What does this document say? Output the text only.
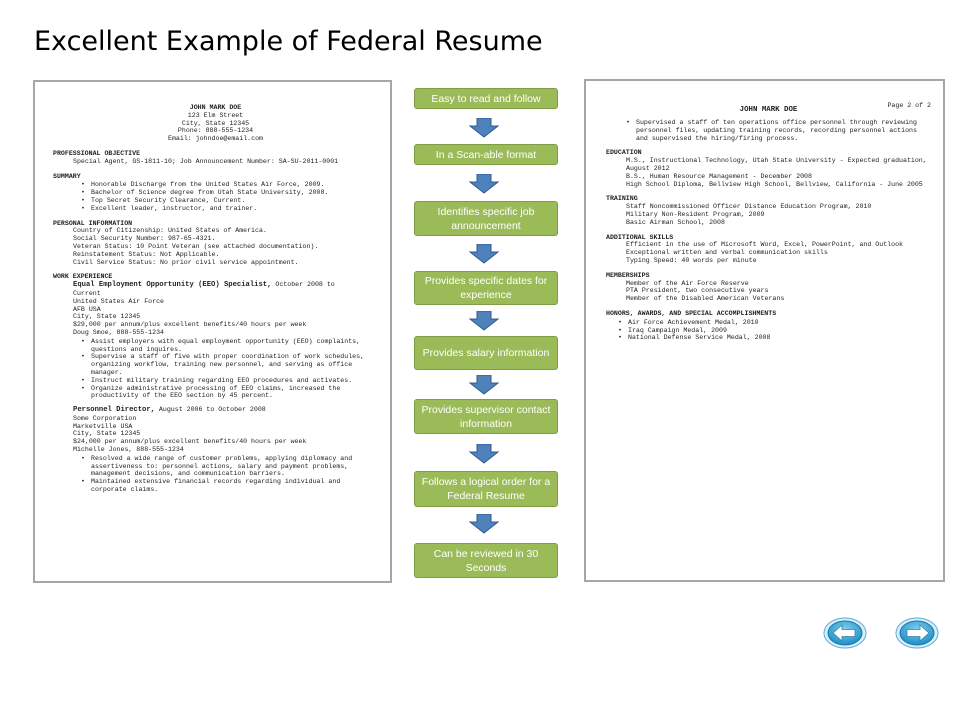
Excellent Example of Federal Resume
JOHN MARK DOE
123 Elm Street
City, State 12345
Phone: 888-555-1234
Email: johndoe@email.com
PROFESSIONAL OBJECTIVE
Special Agent, GS-1811-10; Job Announcement Number: SA-SU-2011-0001
SUMMARY
• Honorable Discharge from the United States Air Force, 2009.
• Bachelor of Science degree from Utah State University, 2008.
• Top Secret Security Clearance, Current.
• Excellent leader, instructor, and trainer.
PERSONAL INFORMATION
Country of Citizenship: United States of America.
Social Security Number: 987-65-4321.
Veteran Status: 10 Point Veteran (see attached documentation).
Reinstatement Status: Not Applicable.
Civil Service Status: No prior civil service appointment.
WORK EXPERIENCE
Equal Employment Opportunity (EEO) Specialist, October 2008 to
Current
United States Air Force
AFB USA
City, State 12345
$29,000 per annum/plus excellent benefits/40 hours per week
Doug Smoe, 888-555-1234
• Assist employers with equal employment opportunity (EEO) complaints, questions and inquires.
• Supervise a staff of five with proper coordination of work schedules, organizing workflow, training new personnel, and serving as office manager.
• Instruct military training regarding EEO procedures and activates.
• Organize administrative processing of EEO claims, increased the productivity of the EEO section by 45 percent.
Personnel Director, August 2006 to October 2008
Some Corporation
Marketville USA
City, State 12345
$24,000 per annum/plus excellent benefits/40 hours per week
Michelle Jones, 888-555-1234
• Resolved a wide range of customer problems, applying diplomacy and assertiveness to: personnel actions, salary and payment problems, management decisions, and communication barriers.
• Maintained extensive financial records regarding individual and corporate claims.
Easy to read and follow
In a Scan-able format
Identifies specific job announcement
Provides specific dates for experience
Provides salary information
Provides supervisor contact information
Follows a logical order for a Federal Resume
Can be reviewed in 30 Seconds
JOHN MARK DOE
Page 2 of 2
• Supervised a staff of ten operations office personnel through reviewing personnel files, updating training records, recording personnel actions and supervised the hiring/firing process.
EDUCATION
M.S., Instructional Technology, Utah State University - Expected graduation, August 2012
B.S., Human Resource Management - December 2008
High School Diploma, Bellview High School, Bellview, California - June 2005
TRAINING
Staff Noncommissioned Officer Distance Education Program, 2010
Military Non-Resident Program, 2009
Basic Airman School, 2008
ADDITIONAL SKILLS
Efficient in the use of Microsoft Word, Excel, PowerPoint, and Outlook
Exceptional written and verbal communication skills
Typing Speed: 40 words per minute
MEMBERSHIPS
Member of the Air Force Reserve
PTA President, two consecutive years
Member of the Disabled American Veterans
HONORS, AWARDS, AND SPECIAL ACCOMPLISHMENTS
• Air Force Achievement Medal, 2010
• Iraq Campaign Medal, 2009
• National Defense Service Medal, 2008
